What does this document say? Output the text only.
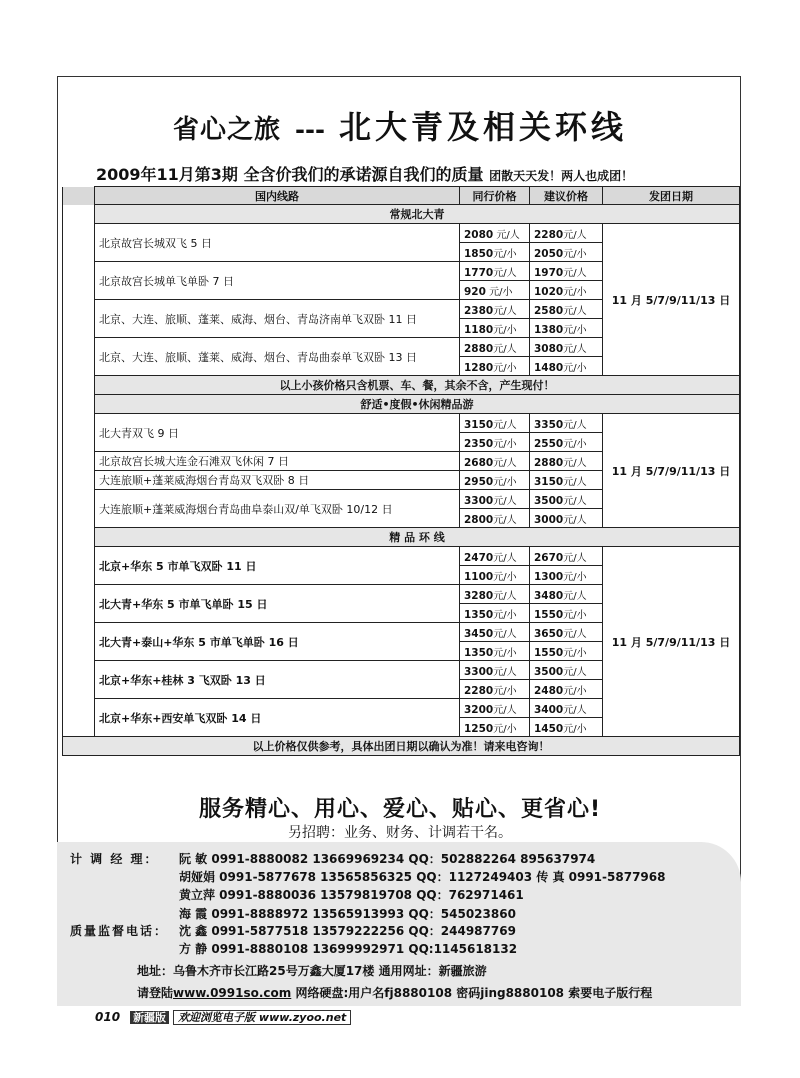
省心之旅 --- 北大青及相关环线
2009年11月第3期 全含价我们的承诺源自我们的质量 团散天天发！两人也成团！
	国内线路	同行价格	建议价格	发团日期
	常规北大青			
	北京故宫长城双飞 5 日	2080 元/人	2280元/人	11 月 5/7/9/11/13 日
		1850元/小	2050元/小	
	北京故宫长城单飞单卧 7 日	1770元/人	1970元/人	
		920 元/小	1020元/小	
	北京、大连、旅顺、蓬莱、威海、烟台、青岛济南单飞双卧 11 日	2380元/人	2580元/人	
		1180元/小	1380元/小	
	北京、大连、旅顺、蓬莱、威海、烟台、青岛曲泰单飞双卧 13 日	2880元/人	3080元/人	
		1280元/小	1480元/小	
	以上小孩价格只含机票、车、餐，其余不含，产生现付！			
	舒适•度假•休闲精品游			
	北大青双飞 9 日	3150元/人	3350元/人	11 月 5/7/9/11/13 日
		2350元/小	2550元/小	
	北京故宫长城大连金石滩双飞休闲 7 日	2680元/人	2880元/人	
	大连旅顺+蓬莱威海烟台青岛双飞双卧 8 日	2950元/小	3150元/人	
	大连旅顺+蓬莱威海烟台青岛曲阜泰山双/单飞双卧 10/12 日	3300元/人	3500元/人	
		2800元/人	3000元/人	
	精 品 环 线			
	北京+华东 5 市单飞双卧 11 日	2470元/人	2670元/人	11 月 5/7/9/11/13 日
		1100元/小	1300元/小	
	北大青+华东 5 市单飞单卧 15 日	3280元/人	3480元/人	
		1350元/小	1550元/小	
	北大青+泰山+华东 5 市单飞单卧 16 日	3450元/人	3650元/人	
		1350元/小	1550元/小	
	北京+华东+桂林 3 飞双卧 13 日	3300元/人	3500元/人	
		2280元/小	2480元/小	
	北京+华东+西安单飞双卧 14 日	3200元/人	3400元/人	
		1250元/小	1450元/小	
以上价格仅供参考，具体出团日期以确认为准！请来电咨询！				
服务精心、用心、爱心、贴心、更省心!
另招聘：业务、财务、计调若干名。
计 调 经 理： 阮 敏 0991-8880082 13669969234 QQ：502882264 895637974
胡娅娟 0991-5877678 13565856325 QQ：1127249403 传 真 0991-5877968
黄立萍 0991-8880036 13579819708 QQ：762971461
海 霞 0991-8888972 13565913993 QQ：545023860
质量监督电话： 沈 鑫 0991-5877518 13579222256 QQ：244987769
方 静 0991-8880108 13699992971 QQ:1145618132
地址：乌鲁木齐市长江路25号万鑫大厦17楼 通用网址：新疆旅游
请登陆www.0991so.com 网络硬盘:用户名fj8880108 密码jing8880108 索要电子版行程
010 新疆版 欢迎浏览电子版 www.zyoo.net
